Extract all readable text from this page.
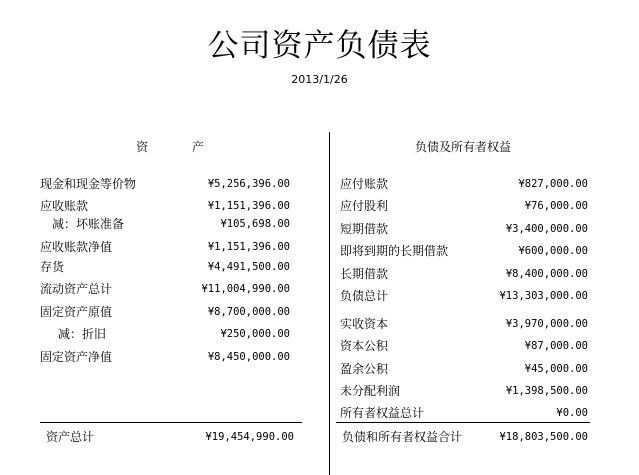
公司资产负债表
2013/1/26
资 产	负债及所有者权益
现金和现金等价物	¥5,256,396.00
应收账款	¥1,151,396.00
减：坏账准备	¥105,698.00
应收账款净值	¥1,151,396.00
存货	¥4,491,500.00
流动资产总计	¥11,004,990.00
固定资产原值	¥8,700,000.00
减：折旧	¥250,000.00
固定资产净值	¥8,450,000.00
资产总计	¥19,454,990.00
应付账款	¥827,000.00
应付股利	¥76,000.00
短期借款	¥3,400,000.00
即将到期的长期借款	¥600,000.00
长期借款	¥8,400,000.00
负债总计	¥13,303,000.00
实收资本	¥3,970,000.00
资本公积	¥87,000.00
盈余公积	¥45,000.00
未分配利润	¥1,398,500.00
所有者权益总计	¥0.00
负债和所有者权益合计	¥18,803,500.00
